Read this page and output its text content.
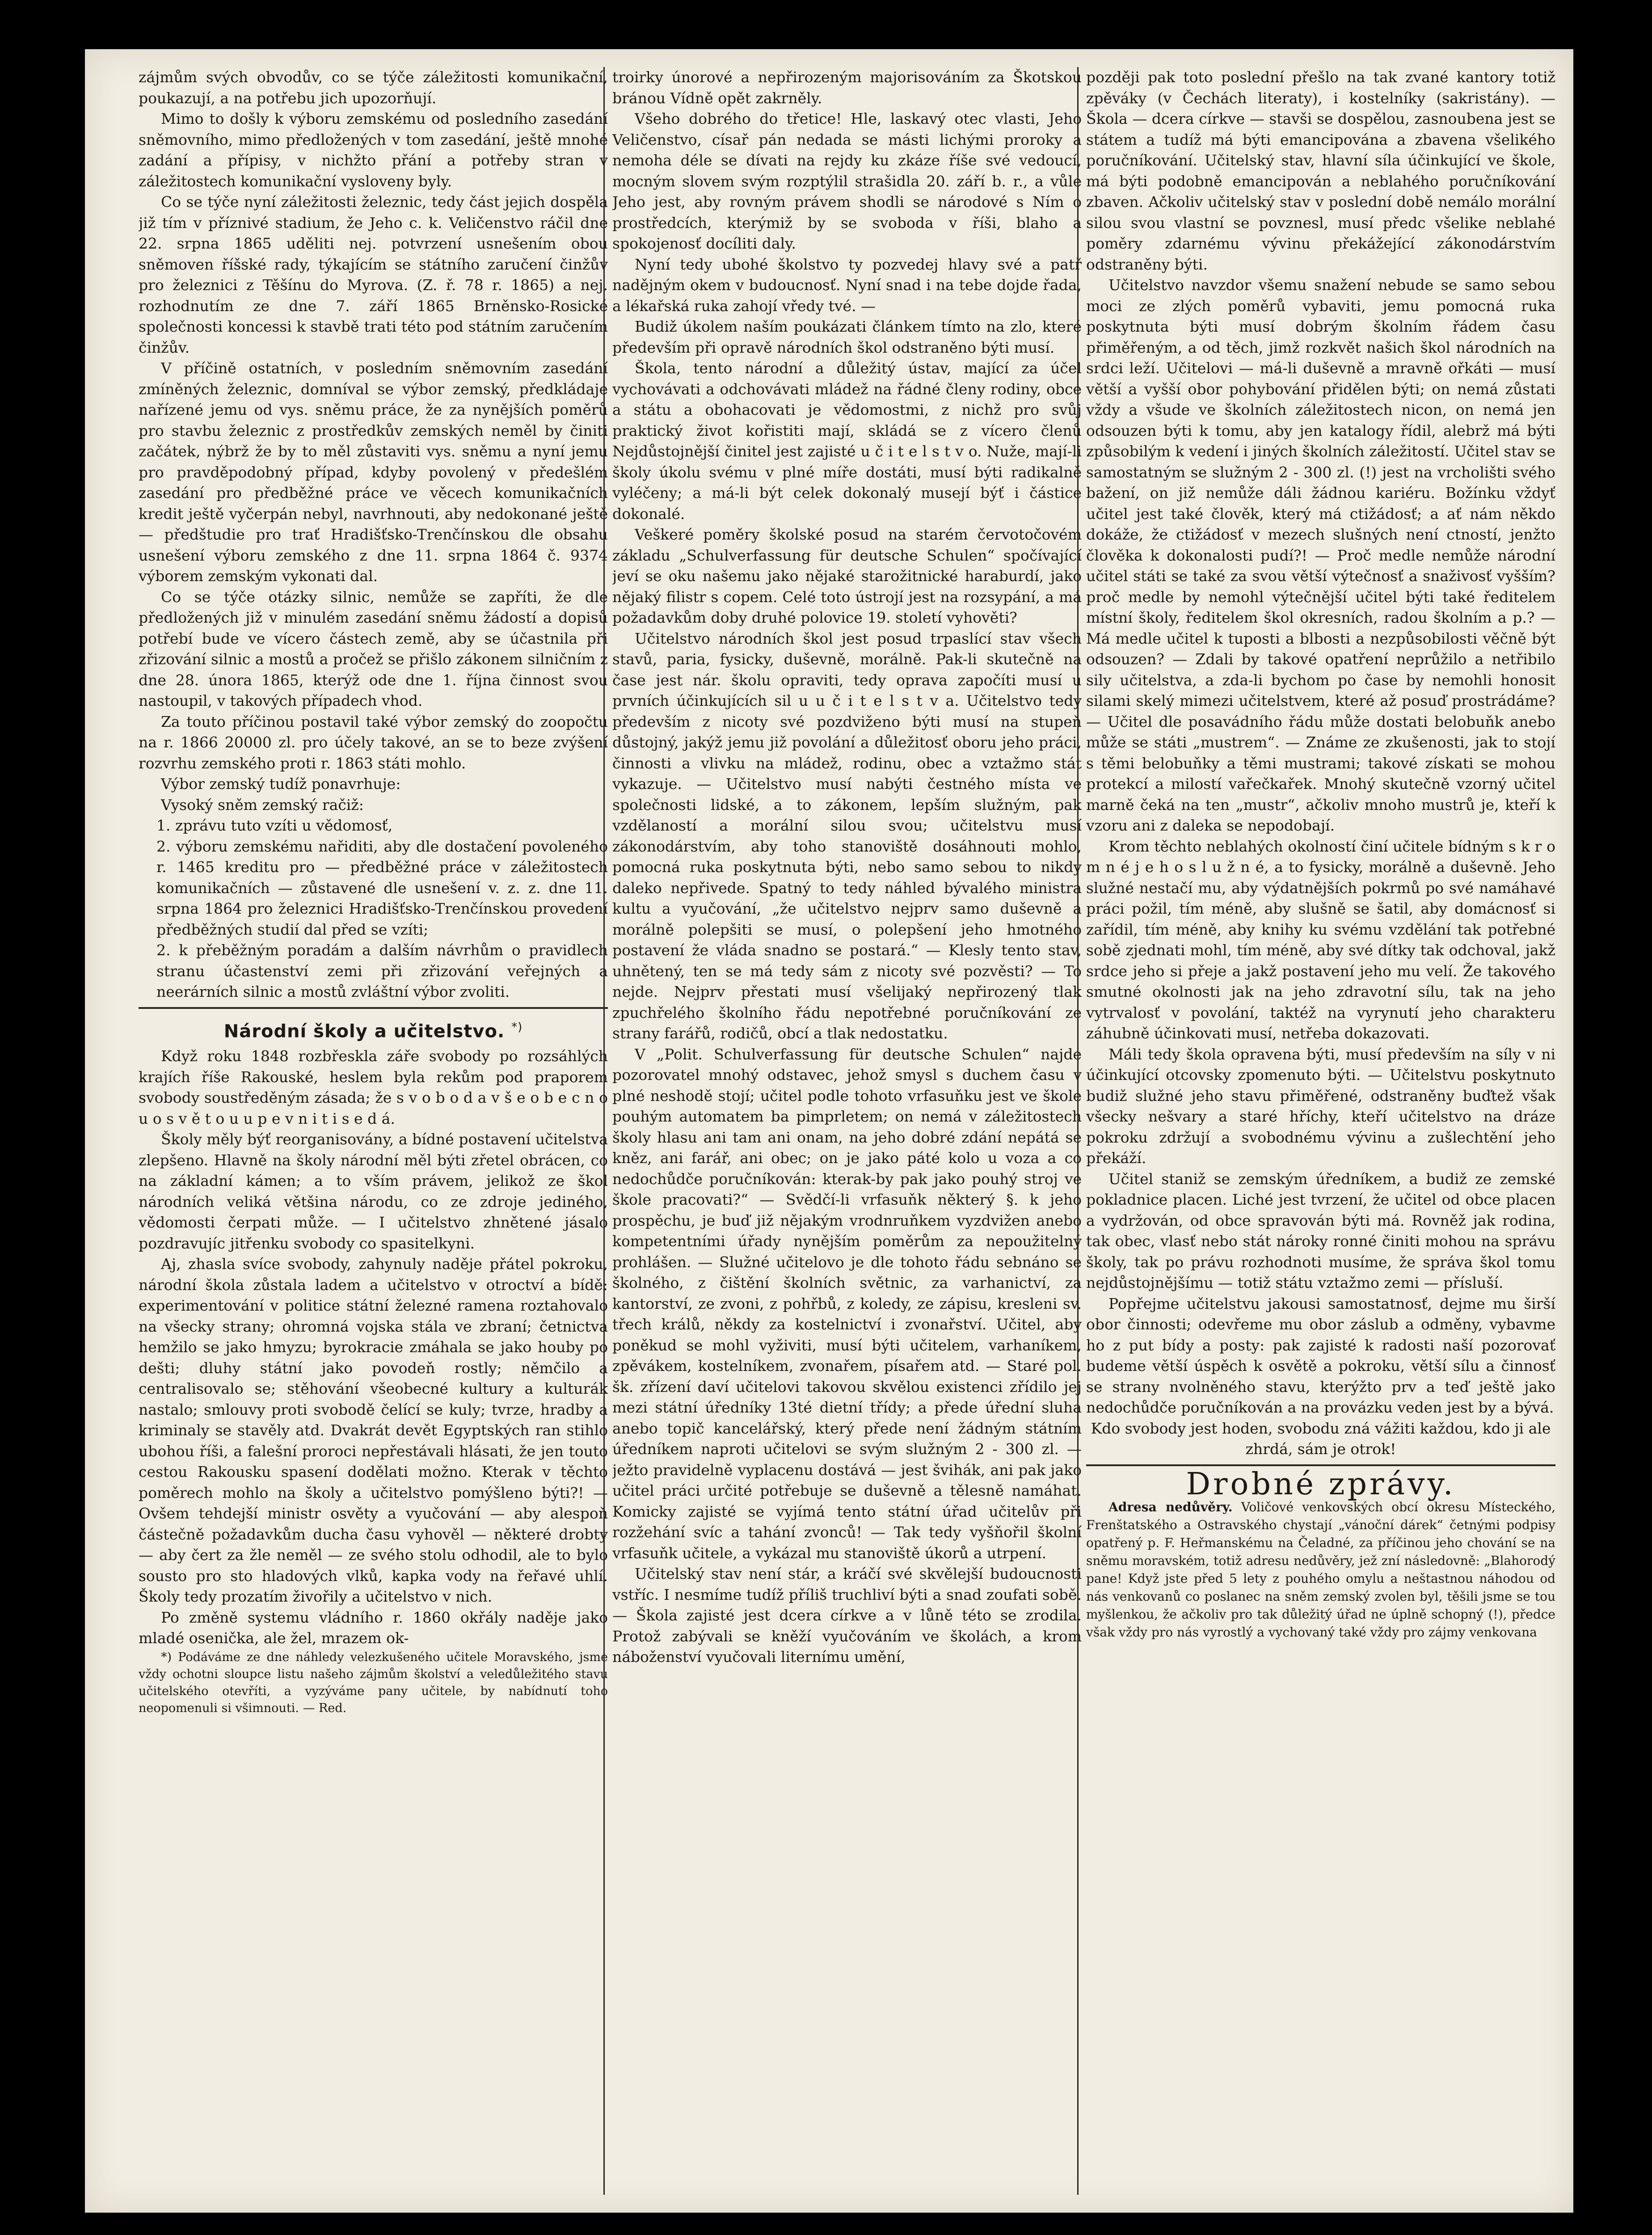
zájmům svých obvodův, co se týče záležitosti komunikační, poukazují, a na potřebu jich upozorňují.

Mimo to došly k výboru zemskému od posledního zasedání sněmovního, mimo předložených v tom zasedání, ještě mnohé zadání a přípisy, v nichžto přání a potřeby stran v záležitostech komunikační vysloveny byly.

Co se týče nyní záležitosti železnic, tedy část jejich dospěla již tím v příznivé stadium, že Jeho c. k. Veličenstvo ráčil dne 22. srpna 1865 uděliti nej. potvrzení usnešením obou sněmoven říšské rady, týkajícím se státního zaručení činžův pro železnici z Těšínu do Myrova. (Z. ř. 78 r. 1865) a nej. rozhodnutím ze dne 7. září 1865 Brněnsko-Rosické společnosti koncessi k stavbě trati této pod státním zaručením činžův.

V příčině ostatních, v posledním sněmovním zasedání zmíněných železnic, domníval se výbor zemský, předkládaje nařízené jemu od vys. sněmu práce, že za nynějších poměrů pro stavbu železnic z prostředkův zemských neměl by činiti začátek, nýbrž že by to měl zůstaviti vys. sněmu a nyní jemu pro pravděpodobný případ, kdyby povolený v předešlém zasedání pro předběžné práce ve věcech komunikačních kredit ještě vyčerpán nebyl, navrhnouti, aby nedokonané ještě — předštudie pro trať Hradišťsko-Trenčínskou dle obsahu usnešení výboru zemského z dne 11. srpna 1864 č. 9374 výborem zemským vykonati dal.

Co se týče otázky silnic, nemůže se zapříti, že dle předložených již v minulém zasedání sněmu žádostí a dopisů potřebí bude ve vícero částech země, aby se účastnila při zřizování silnic a mostů a pročež se přišlo zákonem silničním z dne 28. února 1865, kterýž ode dne 1. října činnost svou nastoupil, v takových případech vhod.

Za touto příčinou postavil také výbor zemský do zoopočtu na r. 1866 20000 zl. pro účely takové, an se to beze zvýšení rozvrhu zemského proti r. 1863 státi mohlo.

Výbor zemský tudíž ponavrhuje:

Vysoký sněm zemský račiž:

1. zprávu tuto vzíti u vědomosť,

2. výboru zemskému nařiditi, aby dle dostačení povoleného r. 1465 kreditu pro — předběžné práce v záležitostech komunikačních — zůstavené dle usnešení v. z. z. dne 11. srpna 1864 pro železnici Hradišťsko-Trenčínskou provedení předběžných studií dal před se vzíti;

2. k přeběžným poradám a dalším návrhům o pravidlech stranu účastenství zemi při zřizování veřejných a neerárních silnic a mostů zvláštní výbor zvoliti.

Národní školy a učitelstvo. *)

Když roku 1848 rozbřeskla záře svobody po rozsáhlých krajích říše Rakouské, heslem byla rekům pod praporem svobody soustředěným zásada; že s v o b o d a v š e o b e c n o u o s v ě t o u u p e v n i t i s e d á.

Školy měly býť reorganisovány, a bídné postavení učitelstva zlepšeno. Hlavně na školy národní měl býti zřetel obrácen, co na základní kámen; a to vším právem, jelikož ze škol národních veliká většina národu, co ze zdroje jediného, vědomosti čerpati může. — I učitelstvo zhnětené jásalo pozdravujíc jitřenku svobody co spasitelkyni.

Aj, zhasla svíce svobody, zahynuly naděje přátel pokroku, národní škola zůstala ladem a učitelstvo v otroctví a bídě: experimentování v politice státní železné ramena roztahovalo na všecky strany; ohromná vojska stála ve zbraní; četnictva hemžilo se jako hmyzu; byrokracie zmáhala se jako houby po dešti; dluhy státní jako povodeň rostly; němčilo a centralisovalo se; stěhování všeobecné kultury a kulturák nastalo; smlouvy proti svobodě čelící se kuly; tvrze, hradby a kriminaly se stavěly atd. Dvakrát devět Egyptských ran stihlo ubohou říši, a falešní proroci nepřestávali hlásati, že jen touto cestou Rakousku spasení dodělati možno. Kterak v těchto poměrech mohlo na školy a učitelstvo pomýšleno býti?! — Ovšem tehdejší ministr osvěty a vyučování — aby alespoň částečně požadavkům ducha času vyhověl — některé drobty — aby čert za žle neměl — ze svého stolu odhodil, ale to bylo sousto pro sto hladových vlků, kapka vody na řeřavé uhlí. Školy tedy prozatím živořily a učitelstvo v nich.

Po změně systemu vládního r. 1860 okřály naděje jako mladé osenička, ale žel, mrazem ok-

*) Podáváme ze dne náhledy velezkušeného učitele Moravského, jsme vždy ochotni sloupce listu našeho zájmům školství a veledůležitého stavu učitelského otevříti, a vyzýváme pany učitele, by nabídnutí toho neopomenuli si všimnouti. — Red.

troirky únorové a nepřirozeným majorisováním za Škotskou bránou Vídně opět zakrněly.

Všeho dobrého do třetice! Hle, laskavý otec vlasti, Jeho Veličenstvo, císař pán nedada se másti lichými proroky a nemoha déle se dívati na rejdy ku zkáze říše své vedoucí, mocným slovem svým rozptýlil strašidla 20. září b. r., a vůle Jeho jest, aby rovným právem shodli se národové s Ním o prostředcích, kterýmiž by se svoboda v říši, blaho a spokojenosť docíliti daly.

Nyní tedy ubohé školstvo ty pozvedej hlavy své a patř nadějným okem v budoucnosť. Nyní snad i na tebe dojde řada, a lékařská ruka zahojí vředy tvé. —

Budiž úkolem naším poukázati článkem tímto na zlo, které především při opravě národních škol odstraněno býti musí.

Škola, tento národní a důležitý ústav, mající za účel vychovávati a odchovávati mládež na řádné členy rodiny, obce a státu a obohacovati je vědomostmi, z nichž pro svůj praktický život kořistiti mají, skládá se z vícero členů Nejdůstojnější činitel jest zajisté u č i t e l s t v o. Nuže, mají-li školy úkolu svému v plné míře dostáti, musí býti radikalně vyléčeny; a má-li být celek dokonalý musejí býť i částice dokonalé.

Veškeré poměry školské posud na starém červotočovém základu „Schulverfassung für deutsche Schulen“ spočívající jeví se oku našemu jako nějaké starožitnické haraburdí, jako nějaký filistr s copem. Celé toto ústrojí jest na rozsypání, a má požadavkům doby druhé polovice 19. století vyhověti?

Učitelstvo národních škol jest posud trpaslící stav všech stavů, paria, fysicky, duševně, morálně. Pak-li skutečně na čase jest nár. školu opraviti, tedy oprava započíti musí u prvních účinkujících sil u u č i t e l s t v a. Učitelstvo tedy především z nicoty své pozdviženo býti musí na stupeň důstojný, jakýž jemu již povolání a důležitosť oboru jeho práci, činnosti a vlivku na mládež, rodinu, obec a vztažmo stát vykazuje. — Učitelstvo musí nabýti čestného místa ve společnosti lidské, a to zákonem, lepším služným, pak vzdělaností a morální silou svou; učitelstvu musí zákonodárstvím, aby toho stanoviště dosáhnouti mohlo, pomocná ruka poskytnuta býti, nebo samo sebou to nikdy daleko nepřivede. Spatný to tedy náhled bývalého ministra kultu a vyučování, „že učitelstvo nejprv samo duševně a morálně polepšiti se musí, o polepšení jeho hmotného postavení že vláda snadno se postará.“ — Klesly tento stav, uhnětený, ten se má tedy sám z nicoty své pozvěsti? — To nejde. Nejprv přestati musí všelijaký nepřirozený tlak zpuchřelého školního řádu nepotřebné poručníkování ze strany farářů, rodičů, obcí a tlak nedostatku.

V „Polit. Schulverfassung für deutsche Schulen“ najde pozorovatel mnohý odstavec, jehož smysl s duchem času v plné neshodě stojí; učitel podle tohoto vrfasuňku jest ve škole pouhým automatem ba pimprletem; on nemá v záležitostech školy hlasu ani tam ani onam, na jeho dobré zdání nepátá se kněz, ani farář, ani obec; on je jako páté kolo u voza a co nedochůdče poručníkován: kterak-by pak jako pouhý stroj ve škole pracovati?“ — Svědčí-li vrfasuňk některý §. k jeho prospěchu, je buď již nějakým vrodnruňkem vyzdvižen anebo kompetentními úřady nynějším poměrům za nepoužitelný prohlášen. — Služné učitelovo je dle tohoto řádu sebnáno se školného, z čištění školních světnic, za varhanictví, za kantorství, ze zvoni, z pohřbů, z koledy, ze zápisu, kresleni sv. třech králů, někdy za kostelnictví i zvonařství. Učitel, aby poněkud se mohl vyživiti, musí býti učitelem, varhaníkem, zpěvákem, kostelníkem, zvonařem, písařem atd. — Staré pol. šk. zřízení daví učitelovi takovou skvělou existenci zřídilo jej mezi státní úředníky 13té dietní třídy; a přede úřední sluha anebo topič kancelářský, který přede není žádným státním úředníkem naproti učitelovi se svým služným 2 - 300 zl. — ježto pravidelně vyplacenu dostává — jest švihák, ani pak jako učitel práci určité potřebuje se duševně a tělesně namáhat. Komicky zajisté se vyjímá tento státní úřad učitelův při rozžehání svíc a tahání zvonců! — Tak tedy vyšňořil školní vrfasuňk učitele, a vykázal mu stanoviště úkorů a utrpení.

Učitelský stav není stár, a kráčí své skvělejší budoucnosti vstříc. I nesmíme tudíž příliš truchliví býti a snad zoufati sobě. — Škola zajisté jest dcera církve a v lůně této se zrodila. Protož zabývali se kněží vyučováním ve školách, a krom náboženství vyučovali liternímu umění,

později pak toto poslední přešlo na tak zvané kantory totiž zpěváky (v Čechách literaty), i kostelníky (sakristány). — Škola — dcera církve — stavši se dospělou, zasnoubena jest se státem a tudíž má býti emancipována a zbavena všelikého poručníkování. Učitelský stav, hlavní síla účinkující ve škole, má býti podobně emancipován a neblahého poručníkování zbaven. Ačkoliv učitelský stav v poslední době nemálo morální silou svou vlastní se povznesl, musí předc všelike neblahé poměry zdarnému vývinu překážející zákonodárstvím odstraněny býti.

Učitelstvo navzdor všemu snažení nebude se samo sebou moci ze zlých poměrů vybaviti, jemu pomocná ruka poskytnuta býti musí dobrým školním řádem času přiměřeným, a od těch, jimž rozkvět našich škol národních na srdci leží. Učitelovi — má-li duševně a mravně ořkáti — musí větší a vyšší obor pohybování přidělen býti; on nemá zůstati vždy a všude ve školních záležitostech nicon, on nemá jen odsouzen býti k tomu, aby jen katalogy řídil, alebrž má býti způsobilým k vedení i jiných školních záležitostí. Učitel stav se samostatným se služným 2 - 300 zl. (!) jest na vrcholišti svého bažení, on již nemůže dáli žádnou kariéru. Božínku vždyť učitel jest také člověk, který má ctižádosť; a ať nám někdo dokáže, že ctižádosť v mezech slušných není ctností, jenžto člověka k dokonalosti pudí?! — Proč medle nemůže národní učitel státi se také za svou větší výtečnosť a snaživosť vyšším? proč medle by nemohl výtečnější učitel býti také ředitelem místní školy, ředitelem škol okresních, radou školním a p.? — Má medle učitel k tuposti a blbosti a nezpůsobilosti věčně být odsouzen? — Zdali by takové opatření neprůžilo a netřibilo sily učitelstva, a zda-li bychom po čase by nemohli honosit silami skelý mimezi učitelstvem, které až posuď prostrádáme? — Učitel dle posavádního řádu může dostati belobuňk anebo může se státi „mustrem“. — Známe ze zkušenosti, jak to stojí s těmi belobuňky a těmi mustrami; takové získati se mohou protekcí a milostí vařečkařek. Mnohý skutečně vzorný učitel marně čeká na ten „mustr“, ačkoliv mnoho mustrů je, kteří k vzoru ani z daleka se nepodobají.

Krom těchto neblahých okolností činí učitele bídným s k r o m n é j e h o s l u ž n é, a to fysicky, morálně a duševně. Jeho služné nestačí mu, aby výdatnějších pokrmů po své namáhavé práci požil, tím méně, aby slušně se šatil, aby domácnosť si zařídil, tím méně, aby knihy ku svému vzdělání tak potřebné sobě zjednati mohl, tím méně, aby své dítky tak odchoval, jakž srdce jeho si přeje a jakž postavení jeho mu velí. Že takového smutné okolnosti jak na jeho zdravotní sílu, tak na jeho vytrvalosť v povolání, taktéž na vyrynutí jeho charakteru záhubně účinkovati musí, netřeba dokazovati.

Máli tedy škola opravena býti, musí především na síly v ni účinkující otcovsky zpomenuto býti. — Učitelstvu poskytnuto budiž služné jeho stavu přiměřené, odstraněny buďtež však všecky nešvary a staré hříchy, kteří učitelstvo na dráze pokroku zdržují a svobodnému vývinu a zušlechtění jeho překáží.

Učitel staniž se zemským úředníkem, a budiž ze zemské pokladnice placen. Liché jest tvrzení, že učitel od obce placen a vydržován, od obce spravován býti má. Rovněž jak rodina, tak obec, vlasť nebo stát nároky ronné činiti mohou na správu školy, tak po právu rozhodnoti musíme, že správa škol tomu nejdůstojnějšímu — totiž státu vztažmo zemi — přísluší.

Popřejme učitelstvu jakousi samostatnosť, dejme mu širší obor činnosti; odevřeme mu obor záslub a odměny, vybavme ho z put bídy a posty: pak zajisté k radosti naší pozorovať budeme větší úspěch k osvětě a pokroku, větší sílu a činnosť se strany nvolněného stavu, kterýžto prv a teď ještě jako nedochůdče poručníkován a na provázku veden jest by a bývá.

Kdo svobody jest hoden, svobodu zná vážiti každou, kdo ji ale zhrdá, sám je otrok!

Drobné zprávy.

Adresa nedůvěry. Voličové venkovských obcí okresu Místeckého, Frenštatského a Ostravského chystají „vánoční dárek“ četnými podpisy opatřený p. F. Heřmanskému na Čeladné, za příčinou jeho chování se na sněmu moravském, totiž adresu nedůvěry, jež zní následovně: „Blahorodý pane! Když jste před 5 lety z pouhého omylu a neštastnou náhodou od nás venkovanů co poslanec na sněm zemský zvolen byl, těšili jsme se tou myšlenkou, že ačkoliv pro tak důležitý úřad ne úplně schopný (!), předce však vždy pro nás vyrostlý a vychovaný také vždy pro zájmy venkovana
